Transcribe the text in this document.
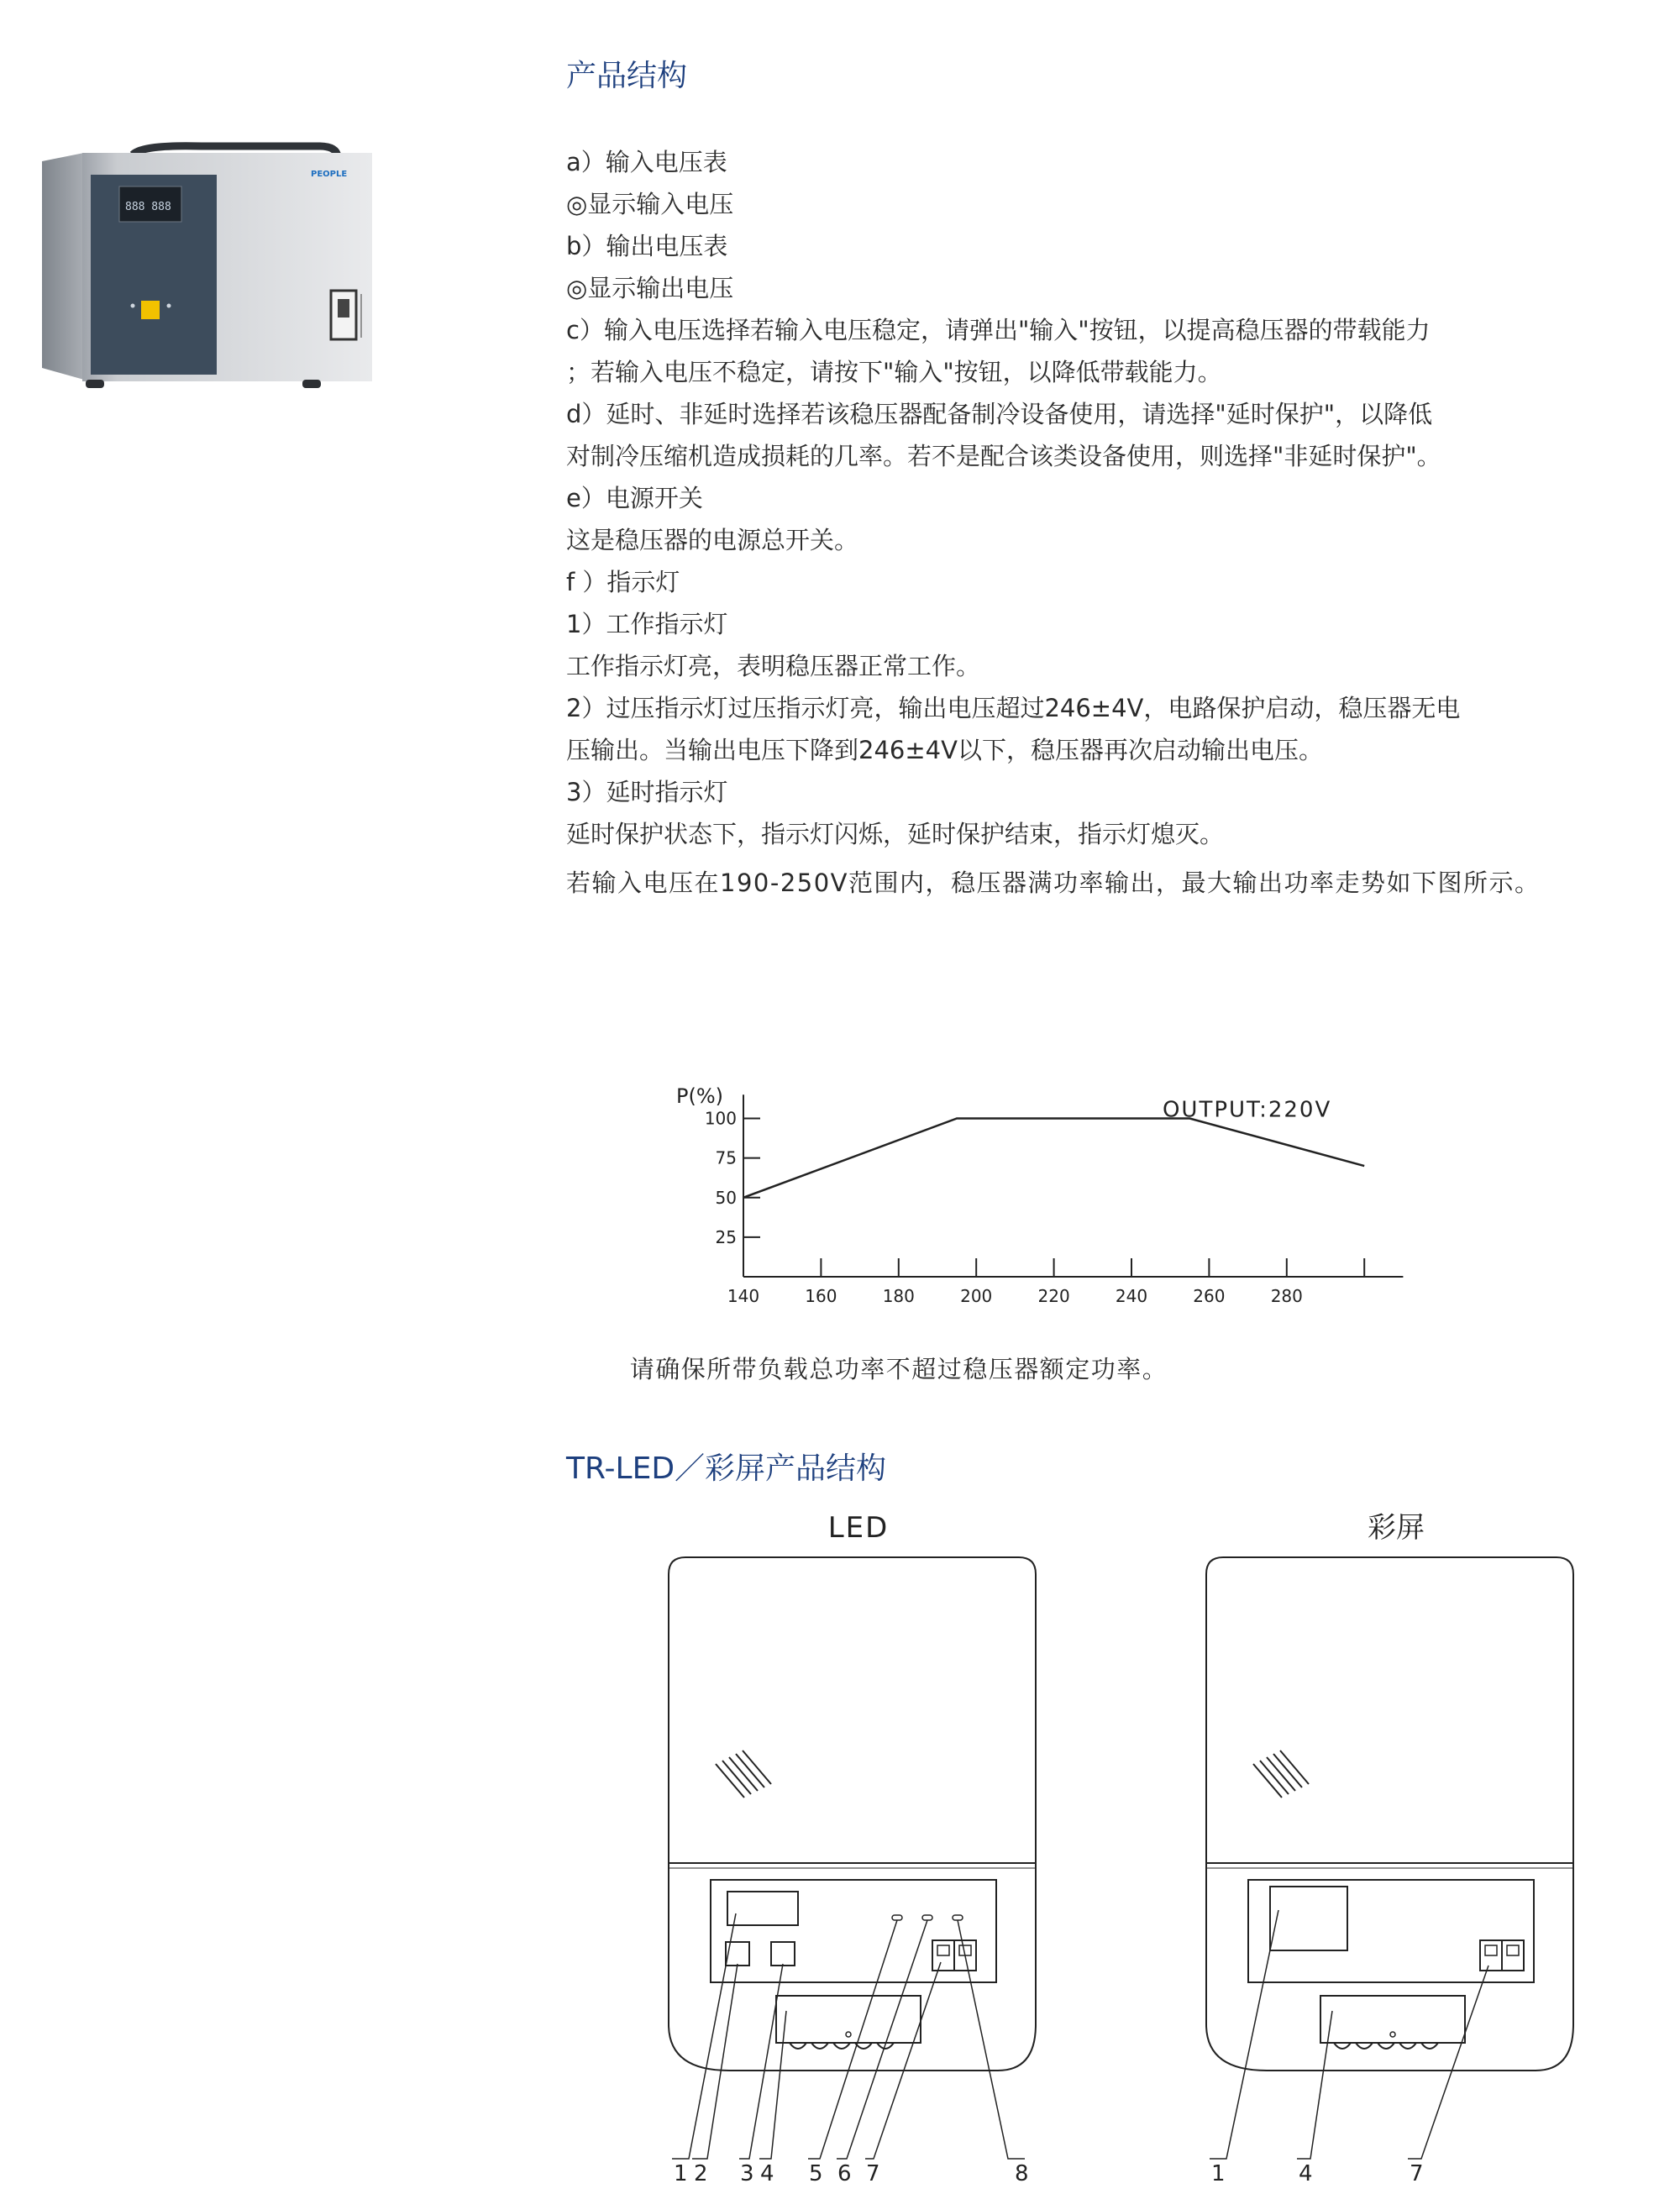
888 888
PEOPLE
产品结构
a）输入电压表
◎显示输入电压
b）输出电压表
◎显示输出电压
c）输入电压选择若输入电压稳定，请弹出"输入"按钮，以提高稳压器的带载能力
；若输入电压不稳定，请按下"输入"按钮，以降低带载能力。
d）延时、非延时选择若该稳压器配备制冷设备使用，请选择"延时保护"，以降低
对制冷压缩机造成损耗的几率。若不是配合该类设备使用，则选择"非延时保护"。
e）电源开关
这是稳压器的电源总开关。
f ）指示灯
1）工作指示灯
工作指示灯亮，表明稳压器正常工作。
2）过压指示灯过压指示灯亮，输出电压超过246±4V，电路保护启动，稳压器无电
压输出。当输出电压下降到246±4V以下，稳压器再次启动输出电压。
3）延时指示灯
延时保护状态下，指示灯闪烁，延时保护结束，指示灯熄灭。
若输入电压在190-250V范围内，稳压器满功率输出，最大输出功率走势如下图所示。
P(%)
100
75
50
25
140	160	180	200	220	240	260	280
OUTPUT:220V
请确保所带负载总功率不超过稳压器额定功率。
TR-LED／彩屏产品结构
LED
1 2 3 4 5 6 7	8
彩屏
1	4	7
